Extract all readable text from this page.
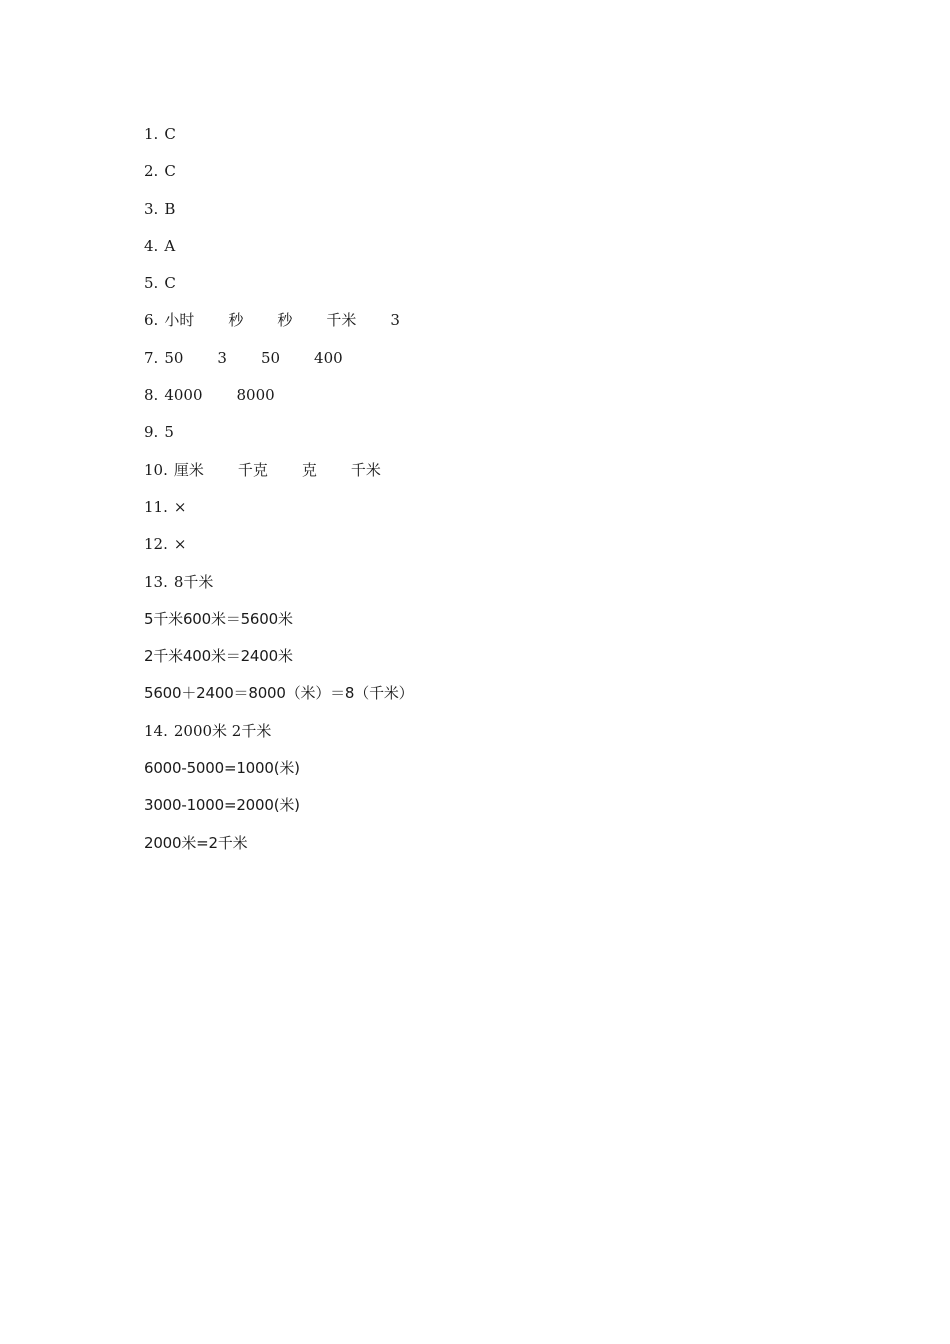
1. C
2. C
3. B
4. A
5. C
6. 小时 秒 秒 千米 3
7. 50 3 50 400
8. 4000 8000
9. 5
10. 厘米 千克 克 千米
11. ×
12. ×
13. 8千米
5千米600米＝5600米
2千米400米＝2400米
5600＋2400＝8000（米）＝8（千米）
14. 2000米 2千米
6000-5000=1000(米)
3000-1000=2000(米)
2000米=2千米
